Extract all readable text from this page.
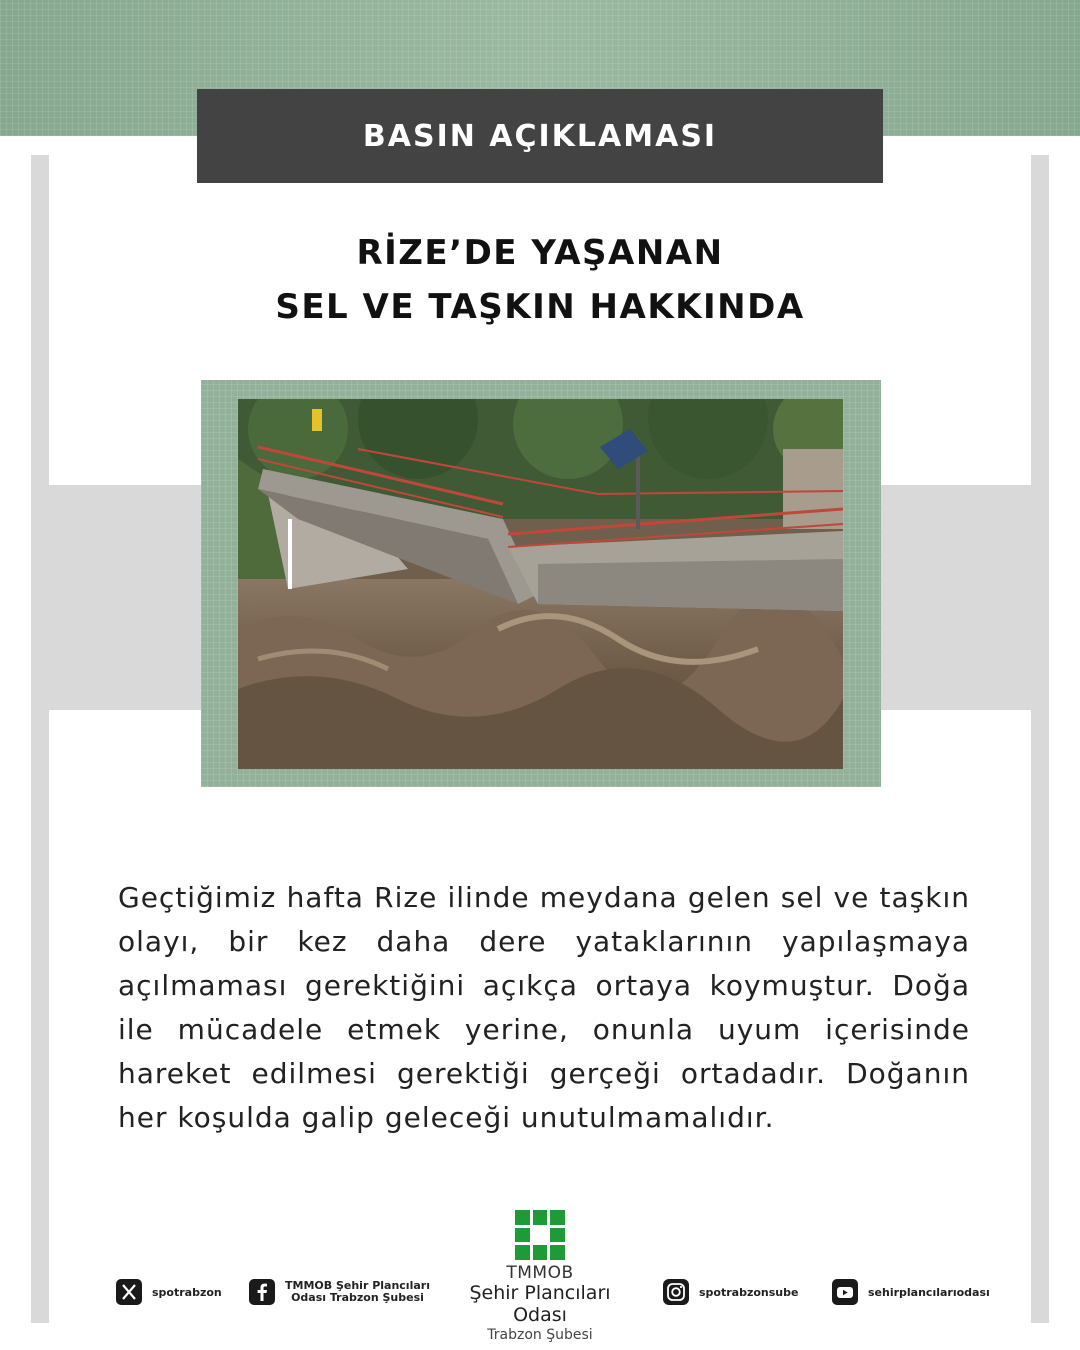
BASIN AÇIKLAMASI
RİZE’DE YAŞANAN
SEL VE TAŞKIN HAKKINDA
Geçtiğimiz hafta Rize ilinde meydana gelen sel ve taşkın olayı, bir kez daha dere yataklarının yapılaşmaya açılmaması gerektiğini açıkça ortaya koymuştur. Doğa ile mücadele etmek yerine, onunla uyum içerisinde hareket edilmesi gerektiği gerçeği ortadadır. Doğanın her koşulda galip geleceği unutulmamalıdır.
spotrabzon	TMMOB Şehir Plancıları
Odası Trabzon Şubesi
TMMOB
Şehir Plancıları Odası
Trabzon Şubesi
spotrabzonsube	sehirplancılarıodası
